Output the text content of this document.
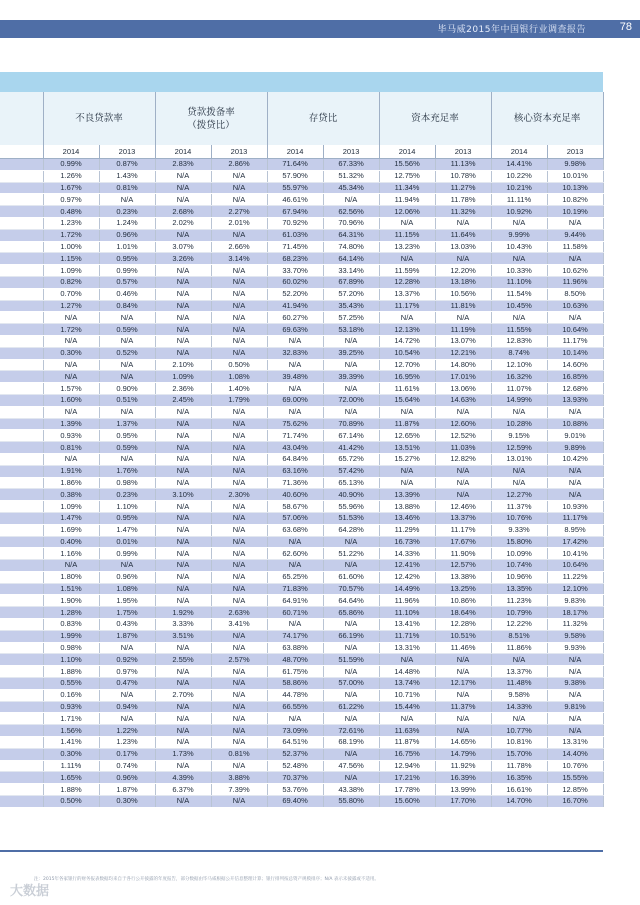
毕马威2015年中国银行业调查报告	78
	不良贷款率		贷款拨备率
（拨贷比）		存贷比		资本充足率		核心资本充足率	
	2014	2013	2014	2013	2014	2013	2014	2013	2014	2013
	0.99%	0.87%	2.83%	2.86%	71.64%	67.33%	15.56%	11.13%	14.41%	9.98%
	1.26%	1.43%	N/A	N/A	57.90%	51.32%	12.75%	10.78%	10.22%	10.01%
	1.67%	0.81%	N/A	N/A	55.97%	45.34%	11.34%	11.27%	10.21%	10.13%
	0.97%	N/A	N/A	N/A	46.61%	N/A	11.94%	11.78%	11.11%	10.82%
	0.48%	0.23%	2.68%	2.27%	67.94%	62.56%	12.06%	11.32%	10.92%	10.19%
	1.23%	1.24%	2.02%	2.01%	70.92%	70.96%	N/A	N/A	N/A	N/A
	1.72%	0.96%	N/A	N/A	61.03%	64.31%	11.15%	11.64%	9.99%	9.44%
	1.00%	1.01%	3.07%	2.66%	71.45%	74.80%	13.23%	13.03%	10.43%	11.58%
	1.15%	0.95%	3.26%	3.14%	68.23%	64.14%	N/A	N/A	N/A	N/A
	1.09%	0.99%	N/A	N/A	33.70%	33.14%	11.59%	12.20%	10.33%	10.62%
	0.82%	0.57%	N/A	N/A	60.02%	67.89%	12.28%	13.18%	11.10%	11.96%
	0.70%	0.46%	N/A	N/A	52.20%	57.20%	13.37%	10.56%	11.54%	8.50%
	1.27%	0.84%	N/A	N/A	41.94%	35.43%	11.17%	11.81%	10.45%	10.63%
	N/A	N/A	N/A	N/A	60.27%	57.25%	N/A	N/A	N/A	N/A
	1.72%	0.59%	N/A	N/A	69.63%	53.18%	12.13%	11.19%	11.55%	10.64%
	N/A	N/A	N/A	N/A	N/A	N/A	14.72%	13.07%	12.83%	11.17%
	0.30%	0.52%	N/A	N/A	32.83%	39.25%	10.54%	12.21%	8.74%	10.14%
	N/A	N/A	2.10%	0.50%	N/A	N/A	12.70%	14.80%	12.10%	14.60%
	N/A	N/A	1.09%	1.08%	39.48%	39.39%	16.95%	17.01%	16.32%	16.85%
	1.57%	0.90%	2.36%	1.40%	N/A	N/A	11.61%	13.06%	11.07%	12.68%
	1.60%	0.51%	2.45%	1.79%	69.00%	72.00%	15.64%	14.63%	14.99%	13.93%
	N/A	N/A	N/A	N/A	N/A	N/A	N/A	N/A	N/A	N/A
	1.39%	1.37%	N/A	N/A	75.62%	70.89%	11.87%	12.60%	10.28%	10.88%
	0.93%	0.95%	N/A	N/A	71.74%	67.14%	12.65%	12.52%	9.15%	9.01%
	0.81%	0.59%	N/A	N/A	43.04%	41.42%	13.51%	11.03%	12.59%	9.89%
	N/A	N/A	N/A	N/A	64.84%	65.72%	15.27%	12.82%	13.01%	10.42%
	1.91%	1.76%	N/A	N/A	63.16%	57.42%	N/A	N/A	N/A	N/A
	1.86%	0.98%	N/A	N/A	71.36%	65.13%	N/A	N/A	N/A	N/A
	0.38%	0.23%	3.10%	2.30%	40.60%	40.90%	13.39%	N/A	12.27%	N/A
	1.09%	1.10%	N/A	N/A	58.67%	55.96%	13.88%	12.46%	11.37%	10.93%
	1.47%	0.95%	N/A	N/A	57.06%	51.53%	13.46%	13.37%	10.76%	11.17%
	1.69%	1.47%	N/A	N/A	63.68%	64.28%	11.29%	11.17%	9.33%	8.95%
	0.40%	0.01%	N/A	N/A	N/A	N/A	16.73%	17.67%	15.80%	17.42%
	1.16%	0.99%	N/A	N/A	62.60%	51.22%	14.33%	11.90%	10.09%	10.41%
	N/A	N/A	N/A	N/A	N/A	N/A	12.41%	12.57%	10.74%	10.64%
	1.80%	0.96%	N/A	N/A	65.25%	61.60%	12.42%	13.38%	10.96%	11.22%
	1.51%	1.08%	N/A	N/A	71.83%	70.57%	14.49%	13.25%	13.35%	12.10%
	1.90%	1.95%	N/A	N/A	64.91%	64.64%	11.96%	10.86%	11.23%	9.83%
	1.28%	1.75%	1.92%	2.63%	60.71%	65.86%	11.10%	18.64%	10.79%	18.17%
	0.83%	0.43%	3.33%	3.41%	N/A	N/A	13.41%	12.28%	12.22%	11.32%
	1.99%	1.87%	3.51%	N/A	74.17%	66.19%	11.71%	10.51%	8.51%	9.58%
	0.98%	N/A	N/A	N/A	63.88%	N/A	13.31%	11.46%	11.86%	9.93%
	1.10%	0.92%	2.55%	2.57%	48.70%	51.59%	N/A	N/A	N/A	N/A
	1.88%	0.97%	N/A	N/A	61.75%	N/A	14.48%	N/A	13.37%	N/A
	0.55%	0.47%	N/A	N/A	58.86%	57.00%	13.74%	12.17%	11.48%	9.38%
	0.16%	N/A	2.70%	N/A	44.78%	N/A	10.71%	N/A	9.58%	N/A
	0.93%	0.94%	N/A	N/A	66.55%	61.22%	15.44%	11.37%	14.33%	9.81%
	1.71%	N/A	N/A	N/A	N/A	N/A	N/A	N/A	N/A	N/A
	1.56%	1.22%	N/A	N/A	73.09%	72.61%	11.63%	N/A	10.77%	N/A
	1.41%	1.23%	N/A	N/A	64.51%	68.19%	11.87%	14.65%	10.81%	13.31%
	0.30%	0.17%	1.73%	0.81%	52.37%	N/A	16.75%	14.79%	15.70%	14.40%
	1.11%	0.74%	N/A	N/A	52.48%	47.56%	12.94%	11.92%	11.78%	10.76%
	1.65%	0.96%	4.39%	3.88%	70.37%	N/A	17.21%	16.39%	16.35%	15.55%
	1.88%	1.87%	6.37%	7.39%	53.76%	43.38%	17.78%	13.99%	16.61%	12.85%
	0.50%	0.30%	N/A	N/A	69.40%	55.80%	15.60%	17.70%	14.70%	16.70%
注：2015年各家银行的财务报表数据均来自于各行公开披露的年度报告，部分数据由毕马威根据公开信息整理计算；银行排列按总资产规模排序；N/A 表示未披露或不适用。
大数据
